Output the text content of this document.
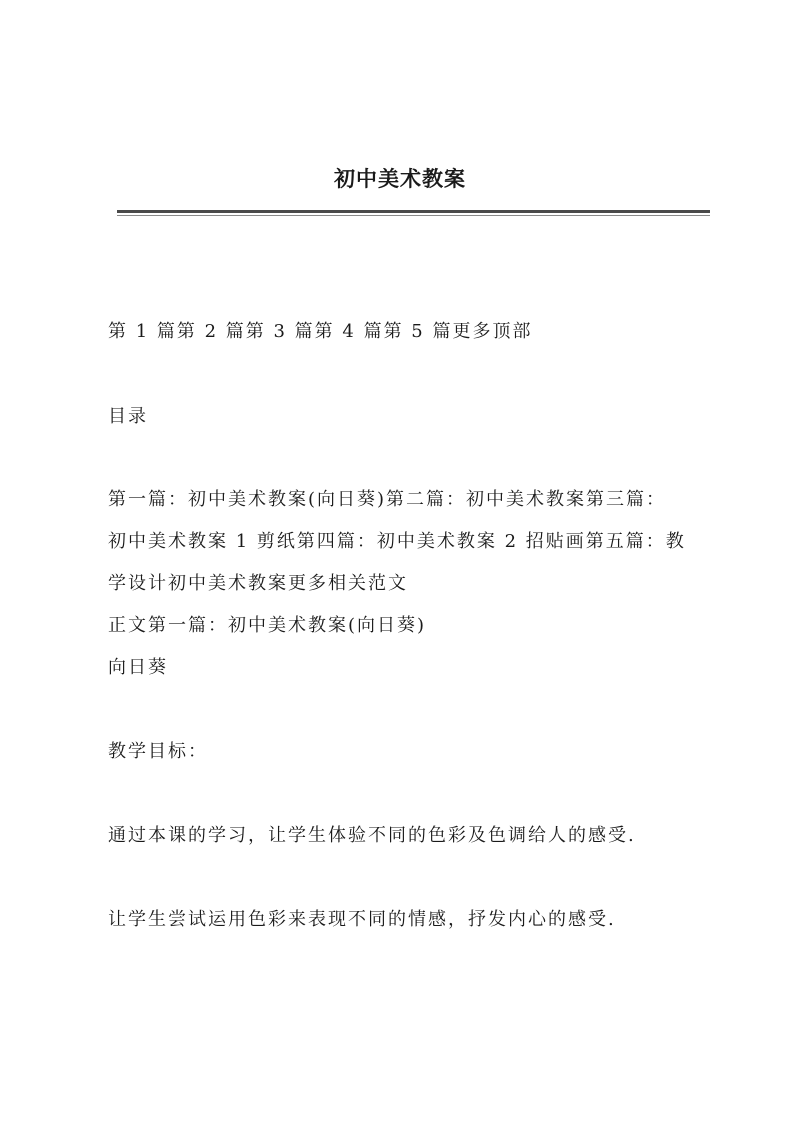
初中美术教案
第 1 篇第 2 篇第 3 篇第 4 篇第 5 篇更多顶部
目录
第一篇：初中美术教案(向日葵)第二篇：初中美术教案第三篇：
初中美术教案 1 剪纸第四篇：初中美术教案 2 招贴画第五篇：教
学设计初中美术教案更多相关范文
正文第一篇：初中美术教案(向日葵)
向日葵
教学目标：
通过本课的学习，让学生体验不同的色彩及色调给人的感受.
让学生尝试运用色彩来表现不同的情感，抒发内心的感受.
